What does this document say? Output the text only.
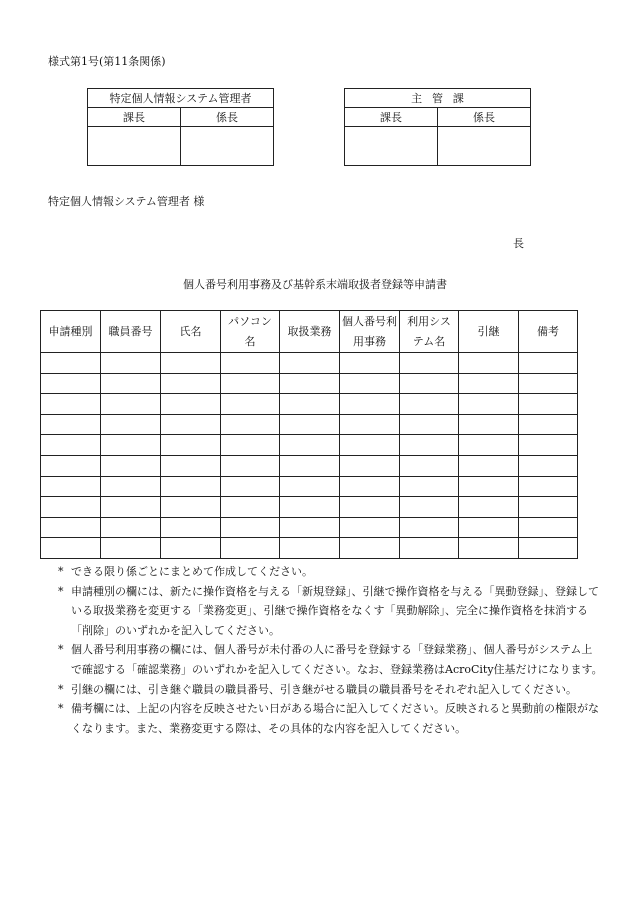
様式第1号(第11条関係)
特定個人情報システム管理者	
課長	係長

主管課	
課長	係長

特定個人情報システム管理者 様
長
個人番号利用事務及び基幹系末端取扱者登録等申請書
申請種別	職員番号	氏名	パソコン名	取扱業務	個人番号利用事務	利用システム名	引継	備考

* できる限り係ごとにまとめて作成してください。
* 申請種別の欄には、新たに操作資格を与える「新規登録」、引継で操作資格を与える「異動登録」、登録している取扱業務を変更する「業務変更」、引継で操作資格をなくす「異動解除」、完全に操作資格を抹消する「削除」のいずれかを記入してください。
* 個人番号利用事務の欄には、個人番号が未付番の人に番号を登録する「登録業務」、個人番号がシステム上で確認する「確認業務」のいずれかを記入してください。なお、登録業務はAcroCity住基だけになります。
* 引継の欄には、引き継ぐ職員の職員番号、引き継がせる職員の職員番号をそれぞれ記入してください。
* 備考欄には、上記の内容を反映させたい日がある場合に記入してください。反映されると異動前の権限がなくなります。また、業務変更する際は、その具体的な内容を記入してください。
